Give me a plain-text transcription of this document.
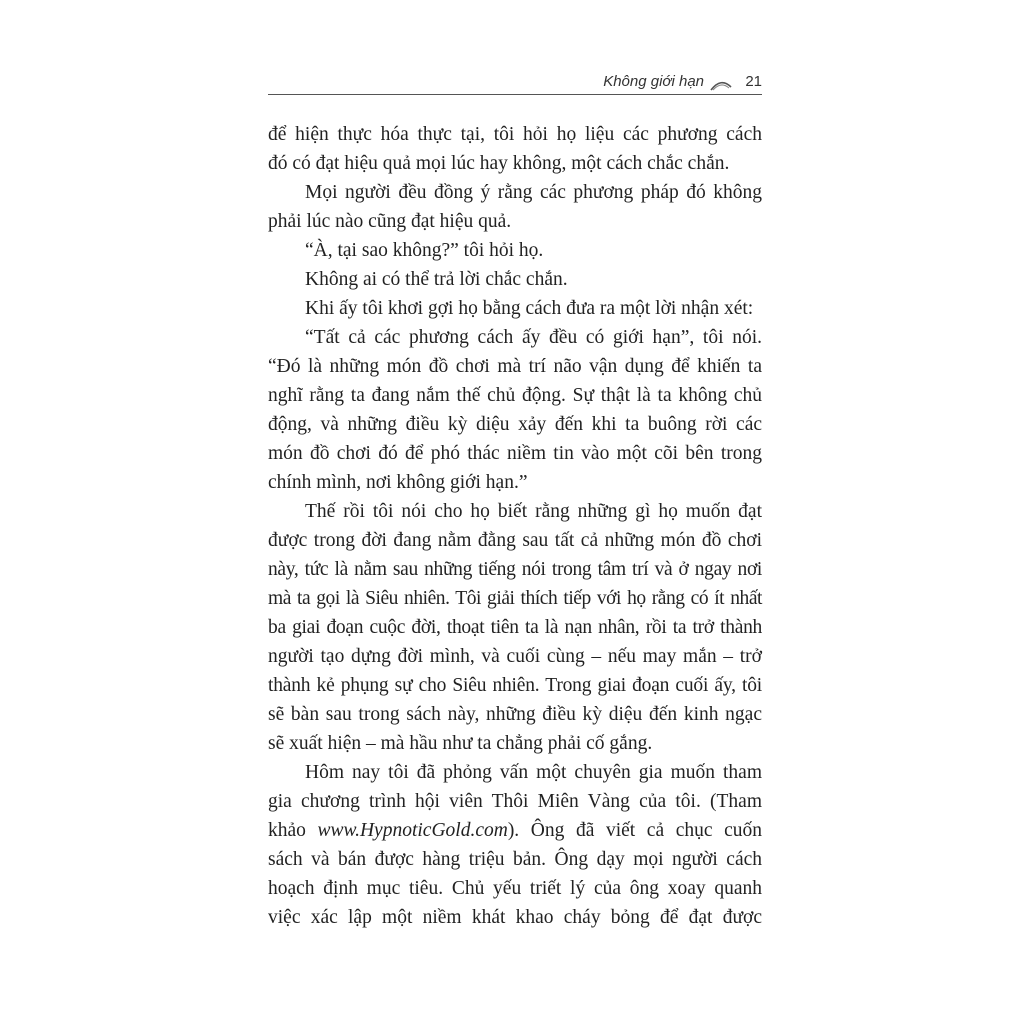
Không giới hạn	21

để hiện thực hóa thực tại, tôi hỏi họ liệu các phương cách
đó có đạt hiệu quả mọi lúc hay không, một cách chắc chắn.

Mọi người đều đồng ý rằng các phương pháp đó không
phải lúc nào cũng đạt hiệu quả.

“À, tại sao không?” tôi hỏi họ.

Không ai có thể trả lời chắc chắn.

Khi ấy tôi khơi gợi họ bằng cách đưa ra một lời nhận xét:

“Tất cả các phương cách ấy đều có giới hạn”, tôi nói.
“Đó là những món đồ chơi mà trí não vận dụng để khiến ta
nghĩ rằng ta đang nắm thế chủ động. Sự thật là ta không chủ
động, và những điều kỳ diệu xảy đến khi ta buông rời các
món đồ chơi đó để phó thác niềm tin vào một cõi bên trong
chính mình, nơi không giới hạn.”

Thế rồi tôi nói cho họ biết rằng những gì họ muốn đạt
được trong đời đang nằm đằng sau tất cả những món đồ chơi
này, tức là nằm sau những tiếng nói trong tâm trí và ở ngay nơi
mà ta gọi là Siêu nhiên. Tôi giải thích tiếp với họ rằng có ít nhất
ba giai đoạn cuộc đời, thoạt tiên ta là nạn nhân, rồi ta trở thành
người tạo dựng đời mình, và cuối cùng – nếu may mắn – trở
thành kẻ phụng sự cho Siêu nhiên. Trong giai đoạn cuối ấy, tôi
sẽ bàn sau trong sách này, những điều kỳ diệu đến kinh ngạc
sẽ xuất hiện – mà hầu như ta chẳng phải cố gắng.

Hôm nay tôi đã phỏng vấn một chuyên gia muốn tham
gia chương trình hội viên Thôi Miên Vàng của tôi. (Tham
khảo www.HypnoticGold.com). Ông đã viết cả chục cuốn
sách và bán được hàng triệu bản. Ông dạy mọi người cách
hoạch định mục tiêu. Chủ yếu triết lý của ông xoay quanh
việc xác lập một niềm khát khao cháy bỏng để đạt được
